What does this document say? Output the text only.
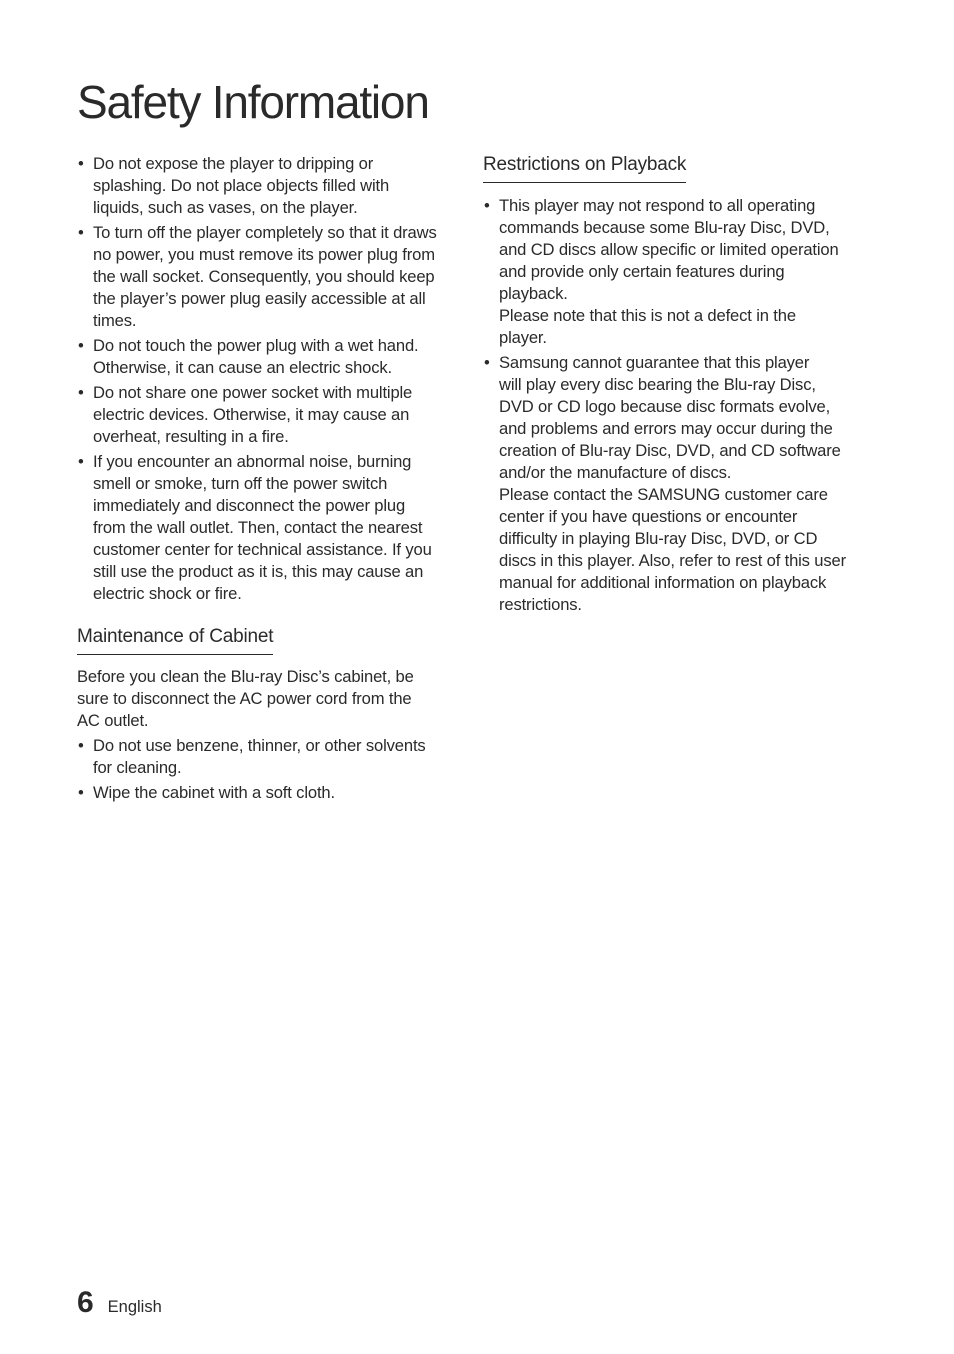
Safety Information
• Do not expose the player to dripping or
splashing. Do not place objects filled with
liquids, such as vases, on the player.
• To turn off the player completely so that it draws
no power, you must remove its power plug from
the wall socket. Consequently, you should keep
the player’s power plug easily accessible at all
times.
• Do not touch the power plug with a wet hand.
Otherwise, it can cause an electric shock.
• Do not share one power socket with multiple
electric devices. Otherwise, it may cause an
overheat, resulting in a fire.
• If you encounter an abnormal noise, burning
smell or smoke, turn off the power switch
immediately and disconnect the power plug
from the wall outlet. Then, contact the nearest
customer center for technical assistance. If you
still use the product as it is, this may cause an
electric shock or fire.
Maintenance of Cabinet

Before you clean the Blu-ray Disc’s cabinet, be
sure to disconnect the AC power cord from the
AC outlet.

• Do not use benzene, thinner, or other solvents
for cleaning.
• Wipe the cabinet with a soft cloth.
Restrictions on Playback
• This player may not respond to all operating
commands because some Blu-ray Disc, DVD,
and CD discs allow specific or limited operation
and provide only certain features during
playback.
Please note that this is not a defect in the
player.
• Samsung cannot guarantee that this player
will play every disc bearing the Blu-ray Disc,
DVD or CD logo because disc formats evolve,
and problems and errors may occur during the
creation of Blu-ray Disc, DVD, and CD software
and/or the manufacture of discs.
Please contact the SAMSUNG customer care
center if you have questions or encounter
difficulty in playing Blu-ray Disc, DVD, or CD
discs in this player. Also, refer to rest of this user
manual for additional information on playback
restrictions.
6 English
